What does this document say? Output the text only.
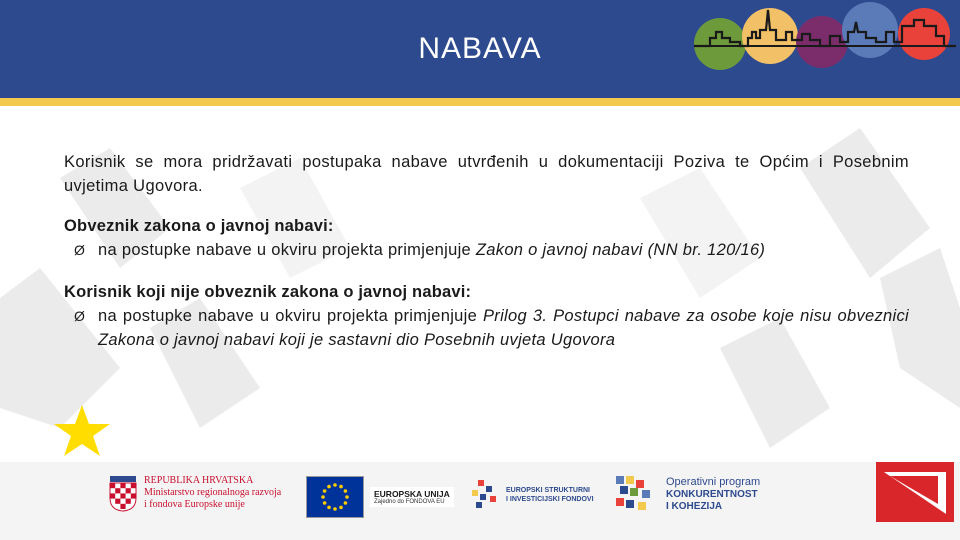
NABAVA

Korisnik se mora pridržavati postupaka nabave utvrđenih u dokumentaciji Poziva te Općim i Posebnim uvjetima Ugovora.

Obveznik zakona o javnoj nabavi:

Ø na postupke nabave u okviru projekta primjenjuje Zakon o javnoj nabavi (NN br. 120/16)

Korisnik koji nije obveznik zakona o javnoj nabavi:

Ø na postupke nabave u okviru projekta primjenjuje Prilog 3. Postupci nabave za osobe koje nisu obveznici Zakona o javnoj nabavi koji je sastavni dio Posebnih uvjeta Ugovora
REPUBLIKA HRVATSKA
Ministarstvo regionalnoga razvoja
i fondova Europske unije
EUROPSKA UNIJA
Zajedno do FONDOVA EU
EUROPSKI STRUKTURNI
I INVESTICIJSKI FONDOVI
Operativni program
KONKURENTNOST
I KOHEZIJA
